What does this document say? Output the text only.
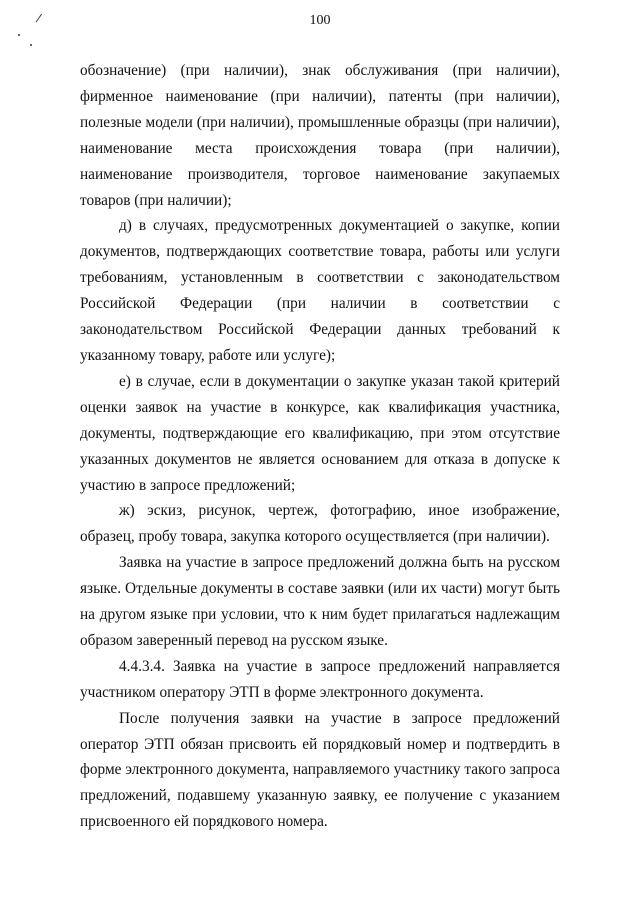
100

обозначение) (при наличии), знак обслуживания (при наличии), фирменное наименование (при наличии), патенты (при наличии), полезные модели (при наличии), промышленные образцы (при наличии), наименование места происхождения товара (при наличии), наименование производителя, торговое наименование закупаемых товаров (при наличии);

д) в случаях, предусмотренных документацией о закупке, копии документов, подтверждающих соответствие товара, работы или услуги требованиям, установленным в соответствии с законодательством Российской Федерации (при наличии в соответствии с законодательством Российской Федерации данных требований к указанному товару, работе или услуге);

е) в случае, если в документации о закупке указан такой критерий оценки заявок на участие в конкурсе, как квалификация участника, документы, подтверждающие его квалификацию, при этом отсутствие указанных документов не является основанием для отказа в допуске к участию в запросе предложений;

ж) эскиз, рисунок, чертеж, фотографию, иное изображение, образец, пробу товара, закупка которого осуществляется (при наличии).

Заявка на участие в запросе предложений должна быть на русском языке. Отдельные документы в составе заявки (или их части) могут быть на другом языке при условии, что к ним будет прилагаться надлежащим образом заверенный перевод на русском языке.

4.4.3.4. Заявка на участие в запросе предложений направляется участником оператору ЭТП в форме электронного документа.

После получения заявки на участие в запросе предложений оператор ЭТП обязан присвоить ей порядковый номер и подтвердить в форме электронного документа, направляемого участнику такого запроса предложений, подавшему указанную заявку, ее получение с указанием присвоенного ей порядкового номера.
